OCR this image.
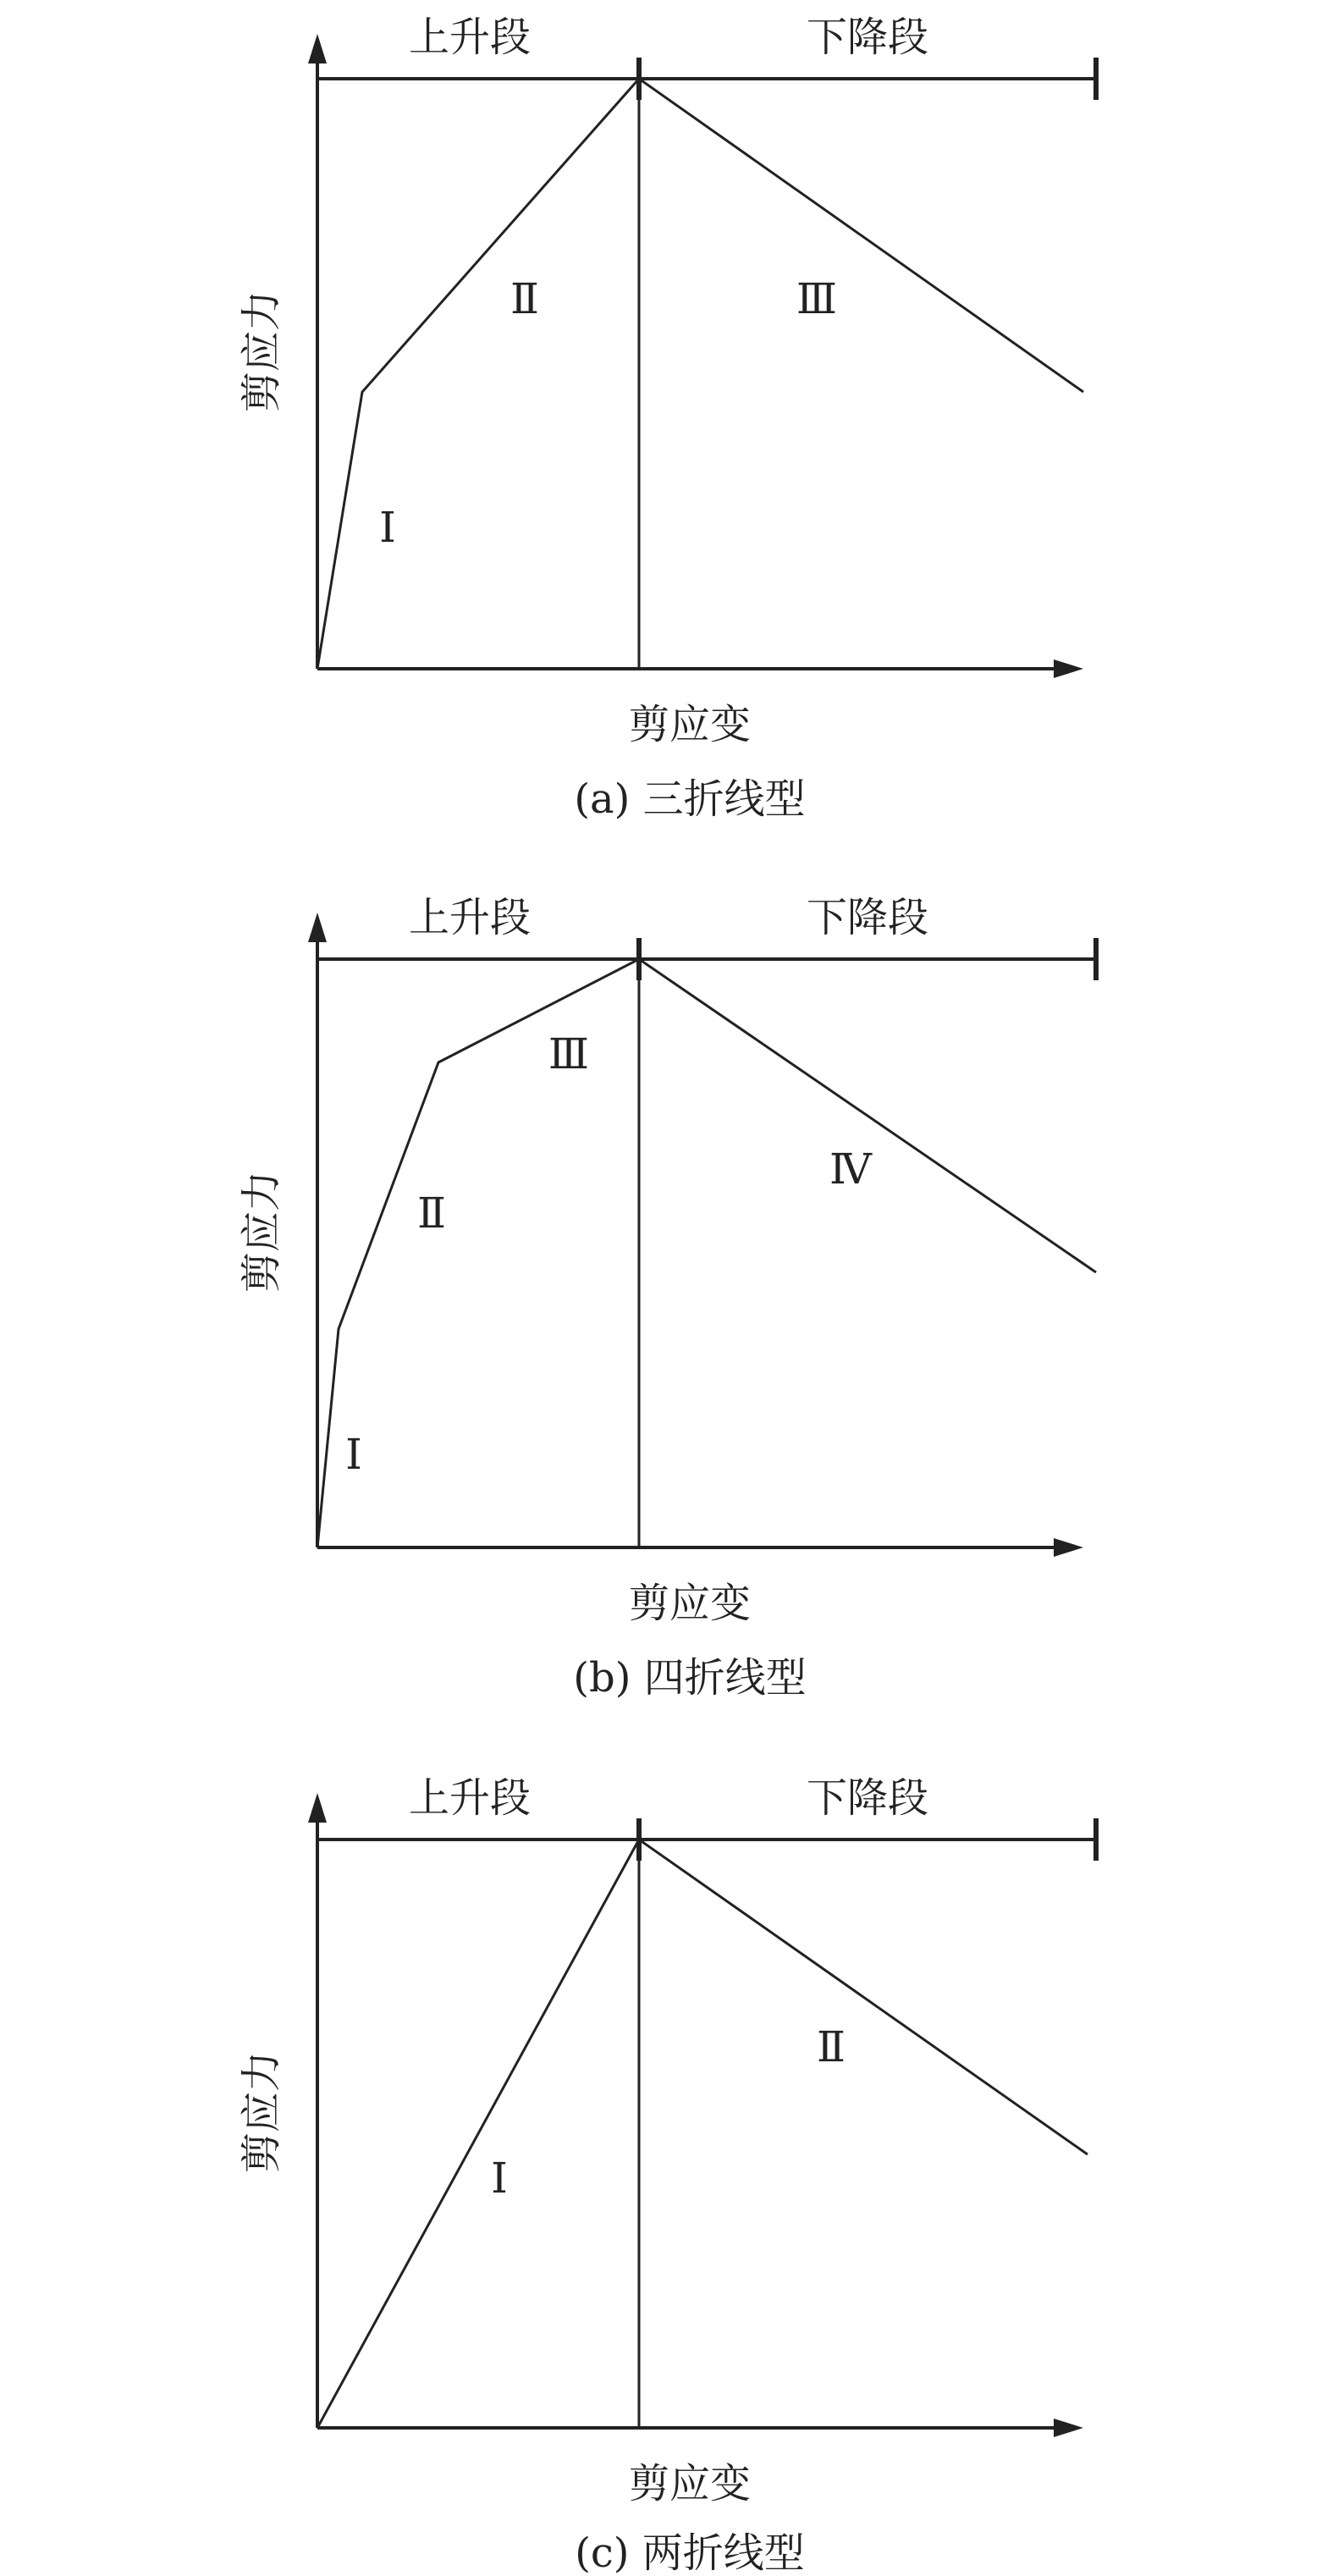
上升段	下降段
剪应力
剪应变
(a) 三折线型
Ⅰ
Ⅱ	Ⅲ
上升段	下降段
剪应力
剪应变
(b) 四折线型
Ⅰ
Ⅱ
Ⅲ
Ⅳ
上升段	下降段
剪应力
剪应变
(c) 两折线型
Ⅰ
Ⅱ
